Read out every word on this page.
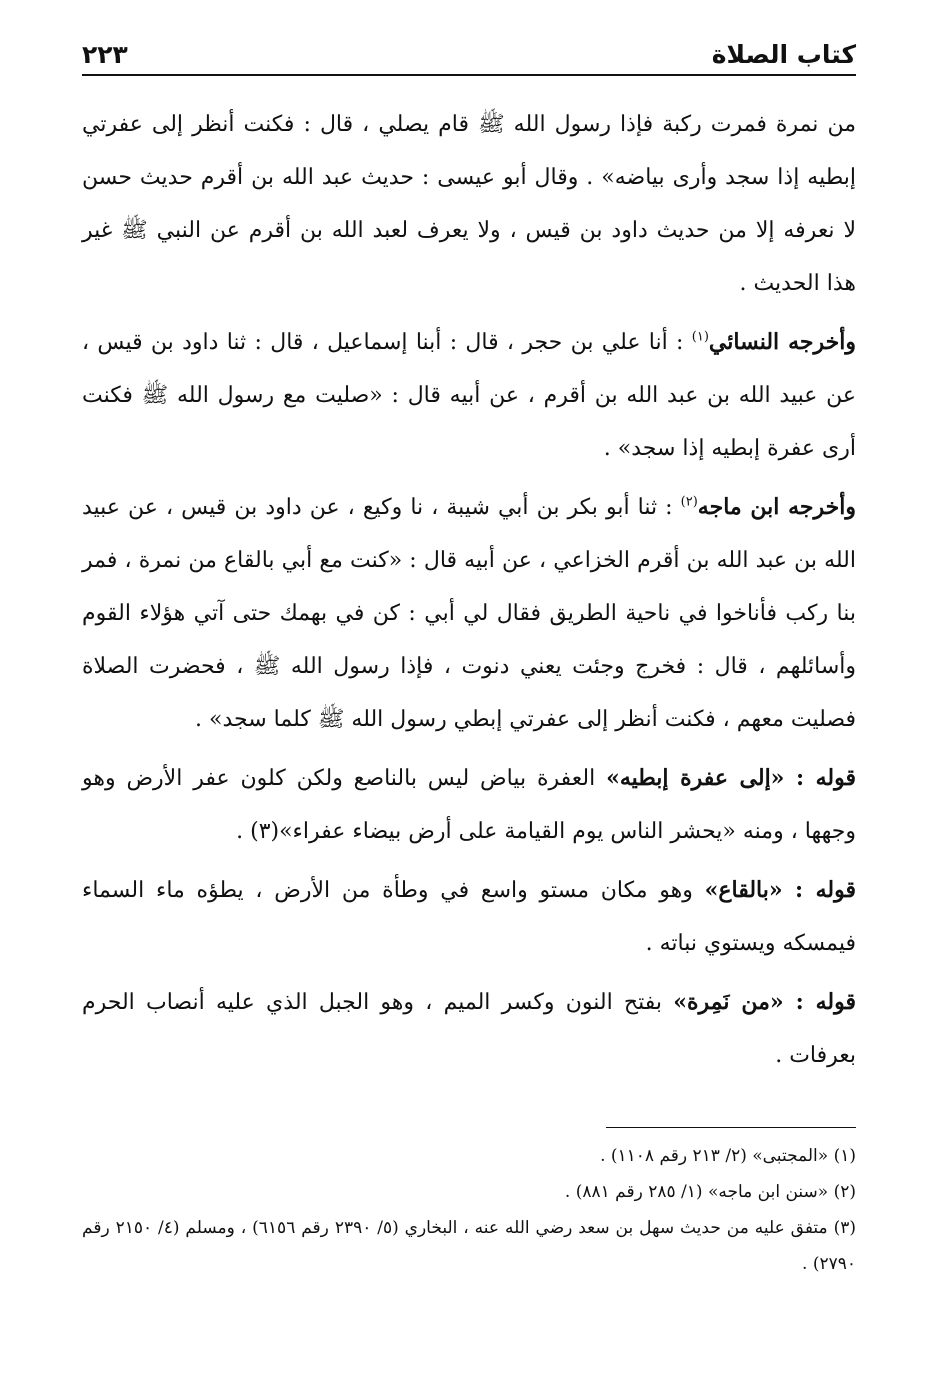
كتاب الصلاة
٢٢٣

من نمرة فمرت ركبة فإذا رسول الله ﷺ قام يصلي ، قال : فكنت أنظر إلى عفرتي إبطيه إذا سجد وأرى بياضه» . وقال أبو عيسى : حديث عبد الله بن أقرم حديث حسن لا نعرفه إلا من حديث داود بن قيس ، ولا يعرف لعبد الله بن أقرم عن النبي ﷺ غير هذا الحديث .

وأخرجه النسائي$^{(١)}$ : أنا علي بن حجر ، قال : أبنا إسماعيل ، قال : ثنا داود بن قيس ، عن عبيد الله بن عبد الله بن أقرم ، عن أبيه قال : «صليت مع رسول الله ﷺ فكنت أرى عفرة إبطيه إذا سجد» .

وأخرجه ابن ماجه$^{(٢)}$ : ثنا أبو بكر بن أبي شيبة ، نا وكيع ، عن داود بن قيس ، عن عبيد الله بن عبد الله بن أقرم الخزاعي ، عن أبيه قال : «كنت مع أبي بالقاع من نمرة ، فمر بنا ركب فأناخوا في ناحية الطريق فقال لي أبي : كن في بهمك حتى آتي هؤلاء القوم وأسائلهم ، قال : فخرج وجئت يعني دنوت ، فإذا رسول الله ﷺ ، فحضرت الصلاة فصليت معهم ، فكنت أنظر إلى عفرتي إبطي رسول الله ﷺ كلما سجد» .

قوله : «إلى عفرة إبطيه» العفرة بياض ليس بالناصع ولكن كلون عفر الأرض وهو وجهها ، ومنه «يحشر الناس يوم القيامة على أرض بيضاء عفراء»(٣) .

قوله : «بالقاع» وهو مكان مستو واسع في وطأة من الأرض ، يطؤه ماء السماء فيمسكه ويستوي نباته .

قوله : «من نَمِرة» بفتح النون وكسر الميم ، وهو الجبل الذي عليه أنصاب الحرم بعرفات .

(١) «المجتبى» (٢/ ٢١٣ رقم ١١٠٨) .

(٢) «سنن ابن ماجه» (١/ ٢٨٥ رقم ٨٨١) .

(٣) متفق عليه من حديث سهل بن سعد رضي الله عنه ، البخاري (٥/ ٢٣٩٠ رقم ٦١٥٦) ، ومسلم (٤/ ٢١٥٠ رقم ٢٧٩٠) .
